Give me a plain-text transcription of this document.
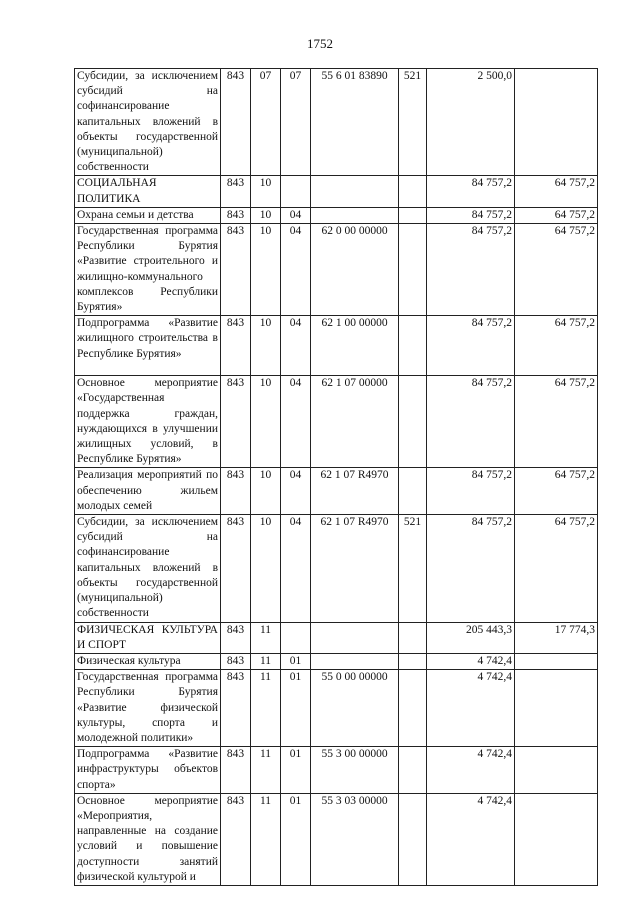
1752
Субсидии, за исключением субсидий на софинансирование капитальных вложений в объекты государственной (муниципальной) собственности	843	07	07	55 6 01 83890	521	2 500,0	
СОЦИАЛЬНАЯ ПОЛИТИКА	843	10				84 757,2	64 757,2
Охрана семьи и детства	843	10	04			84 757,2	64 757,2
Государственная программа Республики Бурятия «Развитие строительного и жилищно-коммунального комплексов Республики Бурятия»	843	10	04	62 0 00 00000		84 757,2	64 757,2
Подпрограмма «Развитие жилищного строительства в Республике Бурятия»	843	10	04	62 1 00 00000		84 757,2	64 757,2
Основное мероприятие «Государственная поддержка граждан, нуждающихся в улучшении жилищных условий, в Республике Бурятия»	843	10	04	62 1 07 00000		84 757,2	64 757,2
Реализация мероприятий по обеспечению жильем молодых семей	843	10	04	62 1 07 R4970		84 757,2	64 757,2
Субсидии, за исключением субсидий на софинансирование капитальных вложений в объекты государственной (муниципальной) собственности	843	10	04	62 1 07 R4970	521	84 757,2	64 757,2
ФИЗИЧЕСКАЯ КУЛЬТУРА И СПОРТ	843	11				205 443,3	17 774,3
Физическая культура	843	11	01			4 742,4	
Государственная программа Республики Бурятия «Развитие физической культуры, спорта и молодежной политики»	843	11	01	55 0 00 00000		4 742,4	
Подпрограмма «Развитие инфраструктуры объектов спорта»	843	11	01	55 3 00 00000		4 742,4	
Основное мероприятие «Мероприятия, направленные на создание условий и повышение доступности занятий физической культурой и	843	11	01	55 3 03 00000		4 742,4	
